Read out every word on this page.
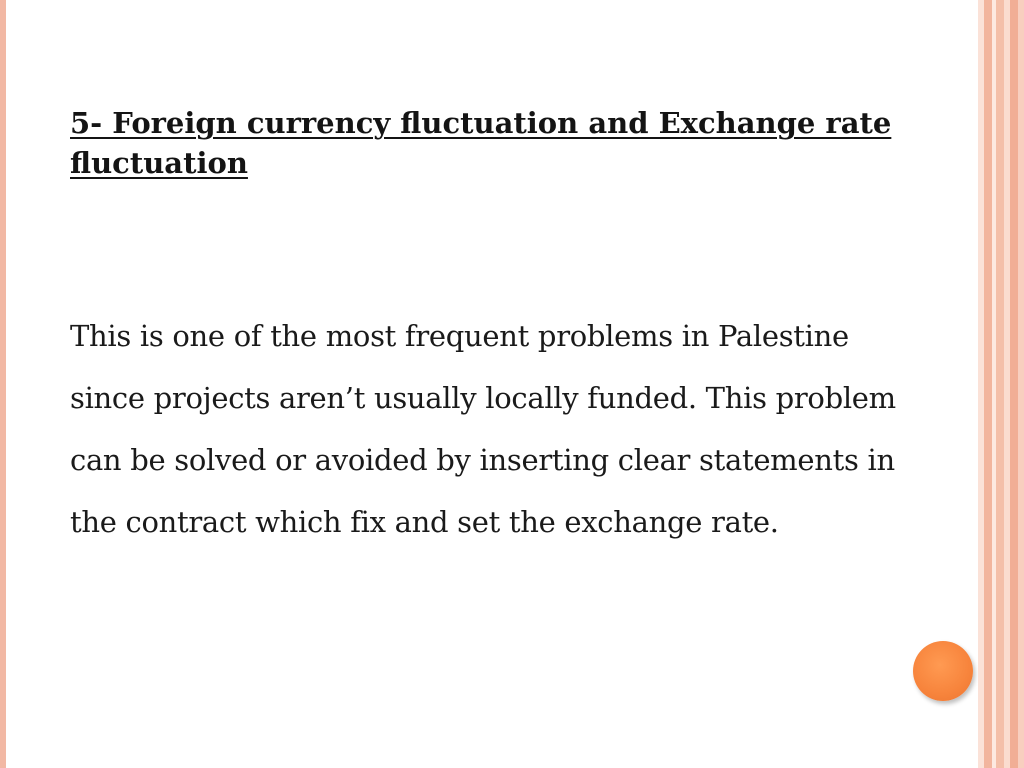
5- Foreign currency fluctuation and Exchange rate fluctuation

This is one of the most frequent problems in Palestine since projects aren’t usually locally funded. This problem can be solved or avoided by inserting clear statements in the contract which fix and set the exchange rate.
